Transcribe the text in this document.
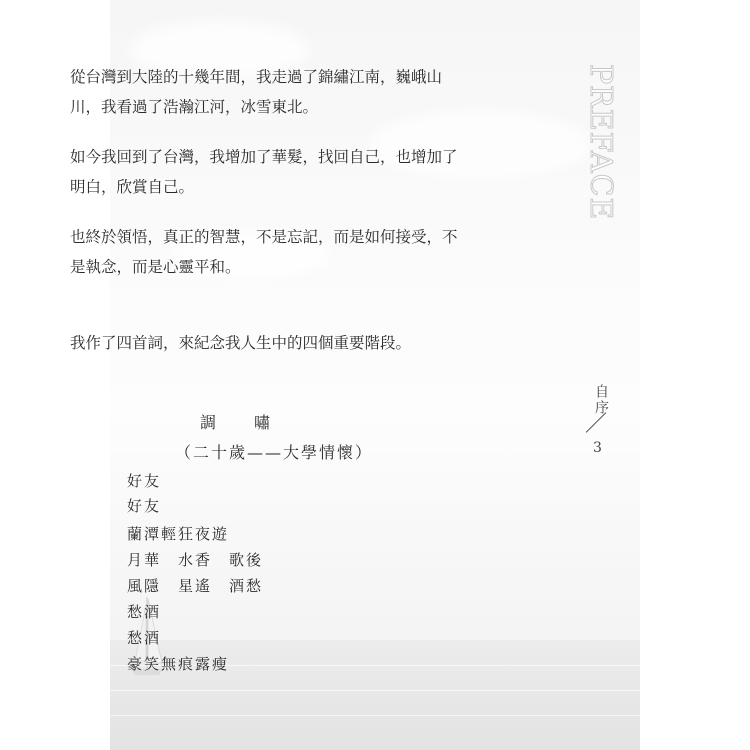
從台灣到大陸的十幾年間，我走過了錦繡江南，巍峨山川，我看過了浩瀚江河，冰雪東北。

如今我回到了台灣，我增加了華髮，找回自己，也增加了明白，欣賞自己。

也終於領悟，真正的智慧，不是忘記，而是如何接受，不是執念，而是心靈平和。

我作了四首詞，來紀念我人生中的四個重要階段。

調嘯

（二十歲——大學情懷）

好友

好友

蘭潭輕狂夜遊

月華　水香　歌後

風隱　星遙　酒愁

愁酒

愁酒

豪笑無痕露瘦

PREFACE

自序

3
